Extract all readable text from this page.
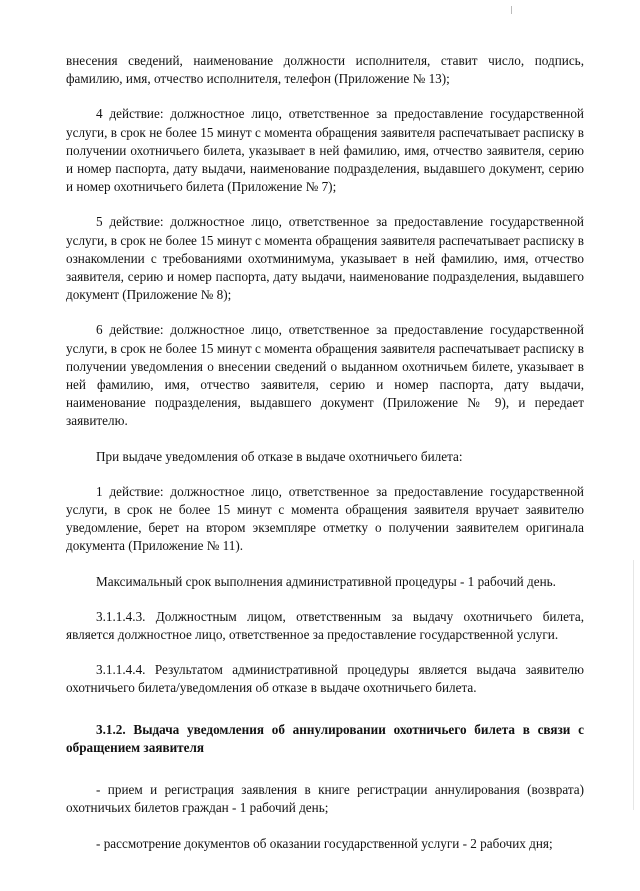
внесения сведений, наименование должности исполнителя, ставит число, подпись, фамилию, имя, отчество исполнителя, телефон (Приложение № 13);

4 действие: должностное лицо, ответственное за предоставление государственной услуги, в срок не более 15 минут с момента обращения заявителя распечатывает расписку в получении охотничьего билета, указывает в ней фамилию, имя, отчество заявителя, серию и номер паспорта, дату выдачи, наименование подразделения, выдавшего документ, серию и номер охотничьего билета (Приложение № 7);

5 действие: должностное лицо, ответственное за предоставление государственной услуги, в срок не более 15 минут с момента обращения заявителя распечатывает расписку в ознакомлении с требованиями охотминимума, указывает в ней фамилию, имя, отчество заявителя, серию и номер паспорта, дату выдачи, наименование подразделения, выдавшего документ (Приложение № 8);

6 действие: должностное лицо, ответственное за предоставление государственной услуги, в срок не более 15 минут с момента обращения заявителя распечатывает расписку в получении уведомления о внесении сведений о выданном охотничьем билете, указывает в ней фамилию, имя, отчество заявителя, серию и номер паспорта, дату выдачи, наименование подразделения, выдавшего документ (Приложение № 9), и передает заявителю.

При выдаче уведомления об отказе в выдаче охотничьего билета:

1 действие: должностное лицо, ответственное за предоставление государственной услуги, в срок не более 15 минут с момента обращения заявителя вручает заявителю уведомление, берет на втором экземпляре отметку о получении заявителем оригинала документа (Приложение № 11).

Максимальный срок выполнения административной процедуры - 1 рабочий день.

3.1.1.4.3. Должностным лицом, ответственным за выдачу охотничьего билета, является должностное лицо, ответственное за предоставление государственной услуги.

3.1.1.4.4. Результатом административной процедуры является выдача заявителю охотничьего билета/уведомления об отказе в выдаче охотничьего билета.

3.1.2. Выдача уведомления об аннулировании охотничьего билета в связи с обращением заявителя

- прием и регистрация заявления в книге регистрации аннулирования (возврата) охотничьих билетов граждан - 1 рабочий день;

- рассмотрение документов об оказании государственной услуги - 2 рабочих дня;
